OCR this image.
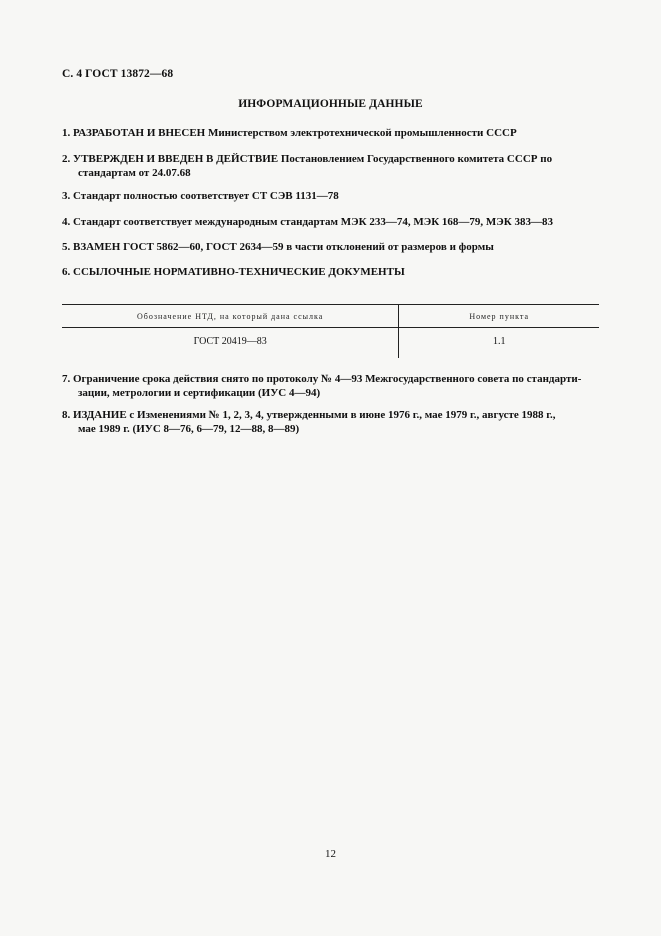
С. 4 ГОСТ 13872—68
ИНФОРМАЦИОННЫЕ ДАННЫЕ
1. РАЗРАБОТАН И ВНЕСЕН Министерством электротехнической промышленности СССР
2. УТВЕРЖДЕН И ВВЕДЕН В ДЕЙСТВИЕ Постановлением Государственного комитета СССР по
стандартам от 24.07.68
3. Стандарт полностью соответствует СТ СЭВ 1131—78
4. Стандарт соответствует международным стандартам МЭК 233—74, МЭК 168—79, МЭК 383—83
5. ВЗАМЕН ГОСТ 5862—60, ГОСТ 2634—59 в части отклонений от размеров и формы
6. ССЫЛОЧНЫЕ НОРМАТИВНО-ТЕХНИЧЕСКИЕ ДОКУМЕНТЫ
Обозначение НТД, на который дана ссылка	Номер пункта
ГОСТ 20419—83	1.1
7. Ограничение срока действия снято по протоколу № 4—93 Межгосударственного совета по стандарти-
зации, метрологии и сертификации (ИУС 4—94)
8. ИЗДАНИЕ с Изменениями № 1, 2, 3, 4, утвержденными в июне 1976 г., мае 1979 г., августе 1988 г.,
мае 1989 г. (ИУС 8—76, 6—79, 12—88, 8—89)
12
